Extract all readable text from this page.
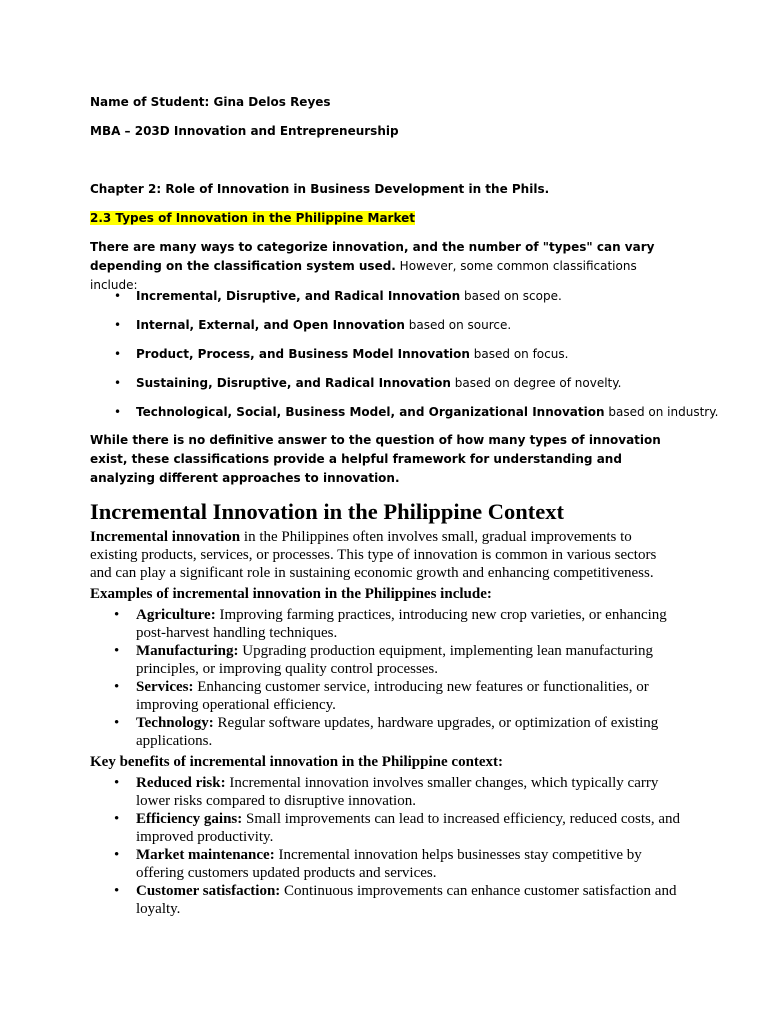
Name of Student: Gina Delos Reyes
MBA – 203D Innovation and Entrepreneurship
Chapter 2: Role of Innovation in Business Development in the Phils.
2.3 Types of Innovation in the Philippine Market
There are many ways to categorize innovation, and the number of "types" can vary depending on the classification system used. However, some common classifications include:
• Incremental, Disruptive, and Radical Innovation based on scope.
• Internal, External, and Open Innovation based on source.
• Product, Process, and Business Model Innovation based on focus.
• Sustaining, Disruptive, and Radical Innovation based on degree of novelty.
• Technological, Social, Business Model, and Organizational Innovation based on industry.
While there is no definitive answer to the question of how many types of innovation exist, these classifications provide a helpful framework for understanding and analyzing different approaches to innovation.
Incremental Innovation in the Philippine Context
Incremental innovation in the Philippines often involves small, gradual improvements to existing products, services, or processes. This type of innovation is common in various sectors and can play a significant role in sustaining economic growth and enhancing competitiveness.
Examples of incremental innovation in the Philippines include:
• Agriculture: Improving farming practices, introducing new crop varieties, or enhancing post-harvest handling techniques.
• Manufacturing: Upgrading production equipment, implementing lean manufacturing principles, or improving quality control processes.
• Services: Enhancing customer service, introducing new features or functionalities, or improving operational efficiency.
• Technology: Regular software updates, hardware upgrades, or optimization of existing applications.
Key benefits of incremental innovation in the Philippine context:
• Reduced risk: Incremental innovation involves smaller changes, which typically carry lower risks compared to disruptive innovation.
• Efficiency gains: Small improvements can lead to increased efficiency, reduced costs, and improved productivity.
• Market maintenance: Incremental innovation helps businesses stay competitive by offering customers updated products and services.
• Customer satisfaction: Continuous improvements can enhance customer satisfaction and loyalty.
